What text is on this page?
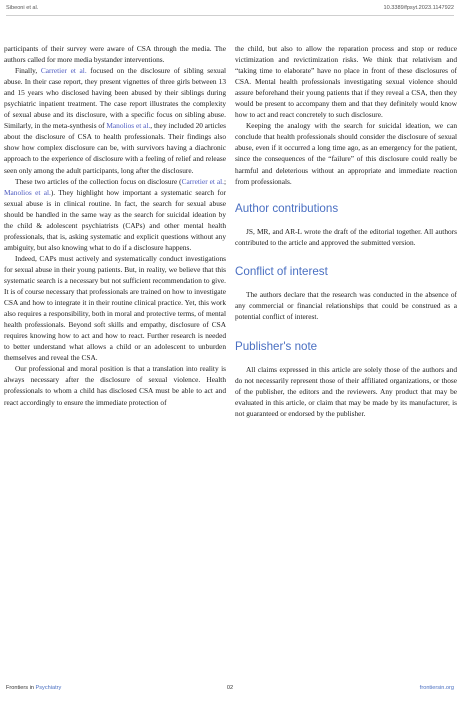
Sibeoni et al.	10.3389/fpsyt.2023.1147922

participants of their survey were aware of CSA through the media. The authors called for more media bystander interventions.

Finally, Carretier et al. focused on the disclosure of sibling sexual abuse. In their case report, they present vignettes of three girls between 13 and 15 years who disclosed having been abused by their siblings during psychiatric inpatient treatment. The case report illustrates the complexity of sexual abuse and its disclosure, with a specific focus on sibling abuse. Similarly, in the meta-synthesis of Manolios et al., they included 20 articles about the disclosure of CSA to health professionals. Their findings also show how complex disclosure can be, with survivors having a diachronic approach to the experience of disclosure with a feeling of relief and release seen only among the adult participants, long after the disclosure.

These two articles of the collection focus on disclosure (Carretier et al.; Manolios et al.). They highlight how important a systematic search for sexual abuse is in clinical routine. In fact, the search for sexual abuse should be handled in the same way as the search for suicidal ideation by the child & adolescent psychiatrists (CAPs) and other mental health professionals, that is, asking systematic and explicit questions without any ambiguity, but also knowing what to do if a disclosure happens.

Indeed, CAPs must actively and systematically conduct investigations for sexual abuse in their young patients. But, in reality, we believe that this systematic search is a necessary but not sufficient recommendation to give. It is of course necessary that professionals are trained on how to investigate CSA and how to integrate it in their routine clinical practice. Yet, this work also requires a responsibility, both in moral and protective terms, of mental health professionals. Beyond soft skills and empathy, disclosure of CSA requires knowing how to act and how to react. Further research is needed to better understand what allows a child or an adolescent to unburden themselves and reveal the CSA.

Our professional and moral position is that a translation into reality is always necessary after the disclosure of sexual violence. Health professionals to whom a child has disclosed CSA must be able to act and react accordingly to ensure the immediate protection of

the child, but also to allow the reparation process and stop or reduce victimization and revictimization risks. We think that relativism and “taking time to elaborate” have no place in front of these disclosures of CSA. Mental health professionals investigating sexual violence should assure beforehand their young patients that if they reveal a CSA, then they would be present to accompany them and that they definitely would know how to act and react concretely to such disclosure.

Keeping the analogy with the search for suicidal ideation, we can conclude that health professionals should consider the disclosure of sexual abuse, even if it occurred a long time ago, as an emergency for the patient, since the consequences of the “failure” of this disclosure could really be harmful and deleterious without an appropriate and immediate reaction from professionals.

Author contributions

JS, MR, and AR-L wrote the draft of the editorial together. All authors contributed to the article and approved the submitted version.

Conflict of interest

The authors declare that the research was conducted in the absence of any commercial or financial relationships that could be construed as a potential conflict of interest.

Publisher's note

All claims expressed in this article are solely those of the authors and do not necessarily represent those of their affiliated organizations, or those of the publisher, the editors and the reviewers. Any product that may be evaluated in this article, or claim that may be made by its manufacturer, is not guaranteed or endorsed by the publisher.

Frontiers in Psychiatry	02	frontiersin.org
